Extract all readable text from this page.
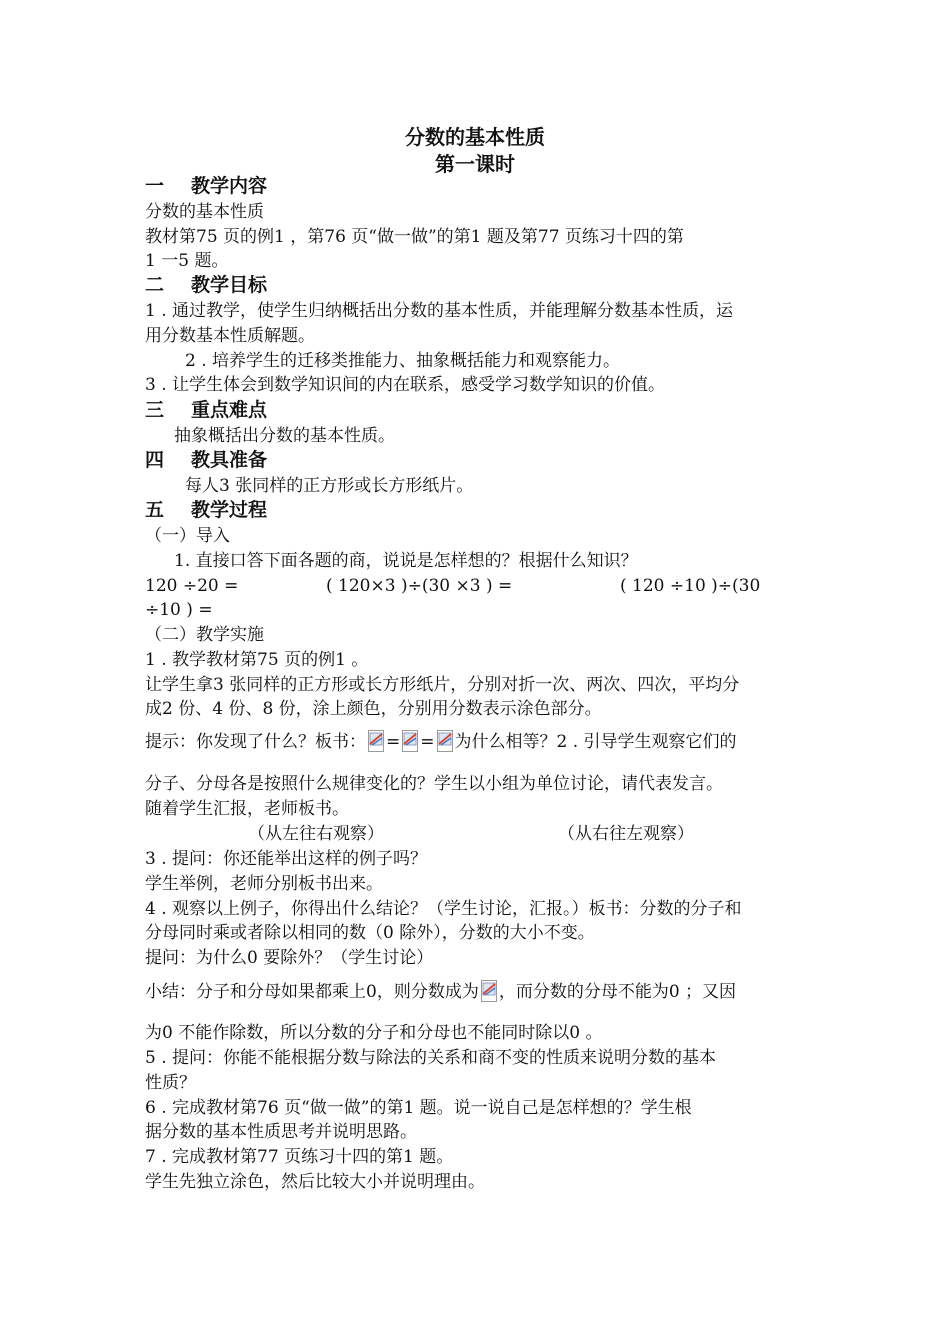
分数的基本性质
第一课时
一 教学内容
分数的基本性质
教材第75 页的例1 ，第76 页“做一做”的第1 题及第77 页练习十四的第
1 一5 题。
二 教学目标
1 . 通过教学，使学生归纳概括出分数的基本性质，并能理解分数基本性质，运
用分数基本性质解题。
2 . 培养学生的迁移类推能力、抽象概括能力和观察能力。
3 . 让学生体会到数学知识间的内在联系，感受学习数学知识的价值。
三 重点难点
抽象概括出分数的基本性质。
四 教具准备
每人3 张同样的正方形或长方形纸片。
五 教学过程
（一）导入
1. 直接口答下面各题的商，说说是怎样想的？根据什么知识？
120 ÷20 =	( 120×3 )÷(30 ×3 ) =	( 120 ÷10 )÷(30
÷10 ) =
（二）教学实施
1 . 教学教材第75 页的例1 。
让学生拿3 张同样的正方形或长方形纸片，分别对折一次、两次、四次，平均分
成2 份、4 份、8 份，涂上颜色，分别用分数表示涂色部分。
提示：你发现了什么？板书： = = 为什么相等？2 . 引导学生观察它们的
分子、分母各是按照什么规律变化的？学生以小组为单位讨论，请代表发言。
随着学生汇报，老师板书。
（从左往右观察）	（从右往左观察）
3 . 提问：你还能举出这样的例子吗？
学生举例，老师分别板书出来。
4 . 观察以上例子，你得出什么结论？（学生讨论，汇报。）板书：分数的分子和
分母同时乘或者除以相同的数（0 除外），分数的大小不变。
提问：为什么0 要除外？（学生讨论）
小结：分子和分母如果都乘上0，则分数成为 ，而分数的分母不能为0 ；又因
为0 不能作除数，所以分数的分子和分母也不能同时除以0 。
5 . 提问：你能不能根据分数与除法的关系和商不变的性质来说明分数的基本
性质？
6 . 完成教材第76 页“做一做”的第1 题。说一说自己是怎样想的？学生根
据分数的基本性质思考并说明思路。
7 . 完成教材第77 页练习十四的第1 题。
学生先独立涂色，然后比较大小并说明理由。
